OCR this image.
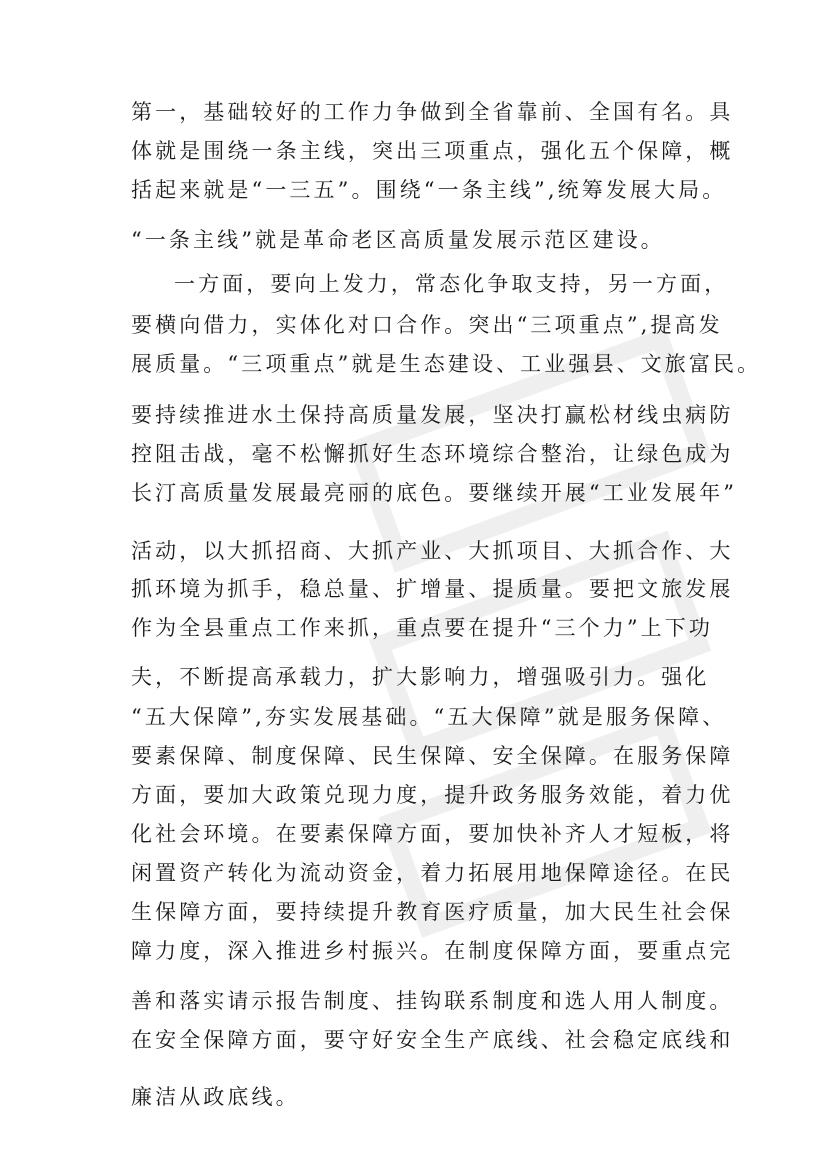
第一，基础较好的工作力争做到全省靠前、全国有名。具
体就是围绕一条主线，突出三项重点，强化五个保障，概
括起来就是“一三五”。围绕“一条主线”,统筹发展大局。
“一条主线”就是革命老区高质量发展示范区建设。
一方面，要向上发力，常态化争取支持，另一方面，
要横向借力，实体化对口合作。突出“三项重点”,提高发
展质量。“三项重点”就是生态建设、工业强县、文旅富民。
要持续推进水土保持高质量发展，坚决打赢松材线虫病防
控阻击战，毫不松懈抓好生态环境综合整治，让绿色成为
长汀高质量发展最亮丽的底色。要继续开展“工业发展年”
活动，以大抓招商、大抓产业、大抓项目、大抓合作、大
抓环境为抓手，稳总量、扩增量、提质量。要把文旅发展
作为全县重点工作来抓，重点要在提升“三个力”上下功
夫，不断提高承载力，扩大影响力，增强吸引力。强化
“五大保障”,夯实发展基础。“五大保障”就是服务保障、
要素保障、制度保障、民生保障、安全保障。在服务保障
方面，要加大政策兑现力度，提升政务服务效能，着力优
化社会环境。在要素保障方面，要加快补齐人才短板，将
闲置资产转化为流动资金，着力拓展用地保障途径。在民
生保障方面，要持续提升教育医疗质量，加大民生社会保
障力度，深入推进乡村振兴。在制度保障方面，要重点完
善和落实请示报告制度、挂钩联系制度和选人用人制度。
在安全保障方面，要守好安全生产底线、社会稳定底线和
廉洁从政底线。
